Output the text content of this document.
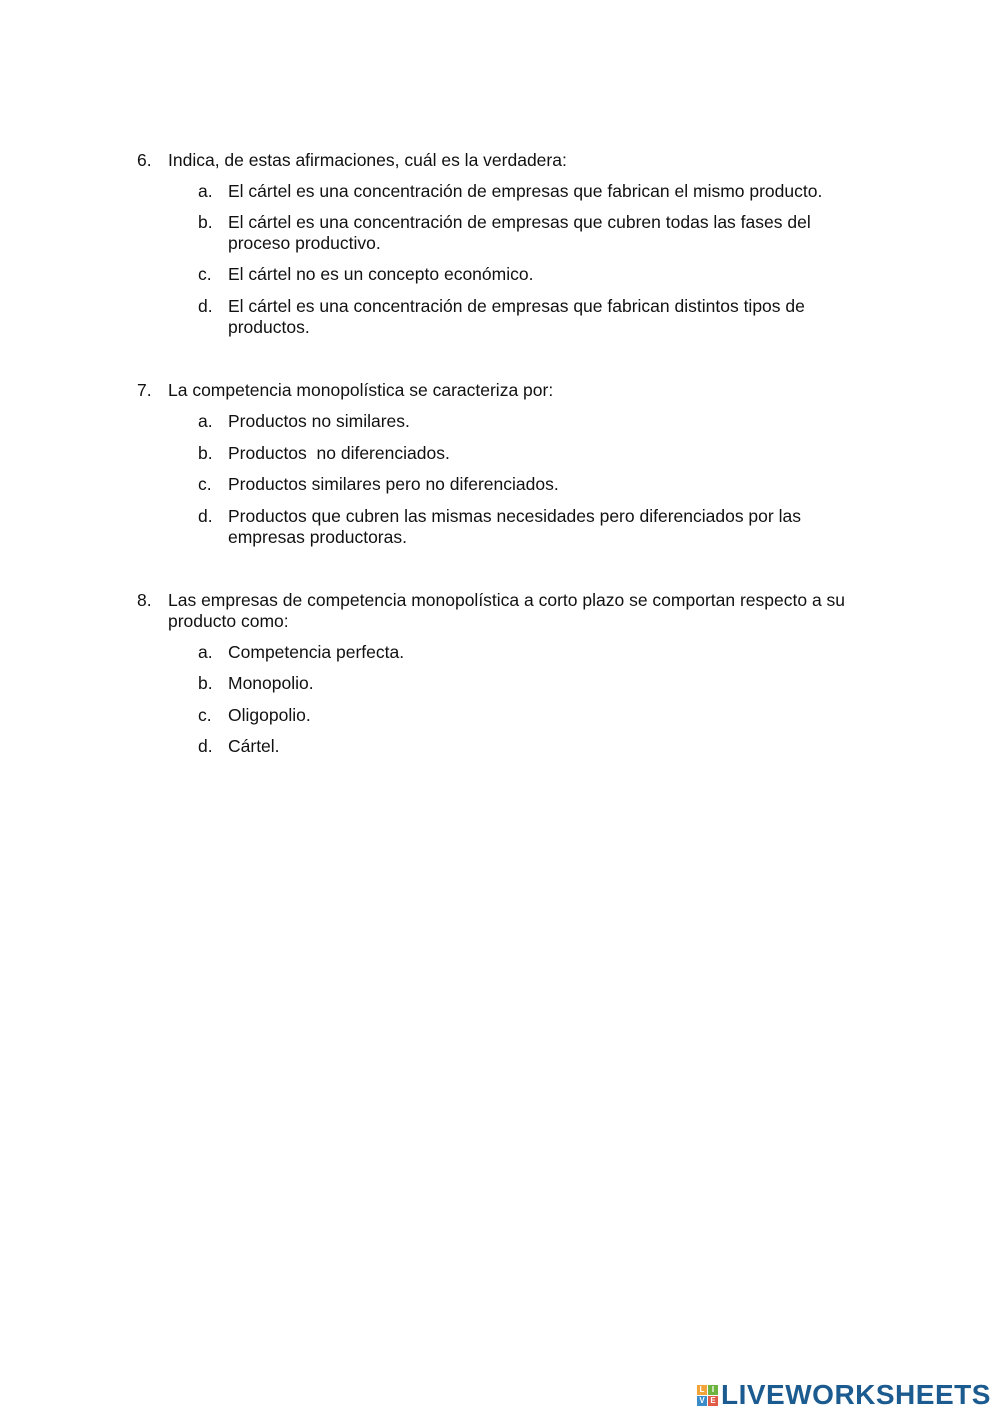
6. Indica, de estas afirmaciones, cuál es la verdadera:
a. El cártel es una concentración de empresas que fabrican el mismo producto.
b. El cártel es una concentración de empresas que cubren todas las fases del proceso productivo.
c. El cártel no es un concepto económico.
d. El cártel es una concentración de empresas que fabrican distintos tipos de productos.
7. La competencia monopolística se caracteriza por:
a. Productos no similares.
b. Productos  no diferenciados.
c. Productos similares pero no diferenciados.
d. Productos que cubren las mismas necesidades pero diferenciados por las empresas productoras.
8. Las empresas de competencia monopolística a corto plazo se comportan respecto a su producto como:
a. Competencia perfecta.
b. Monopolio.
c. Oligopolio.
d. Cártel.
L I
V E LIVEWORKSHEETS
